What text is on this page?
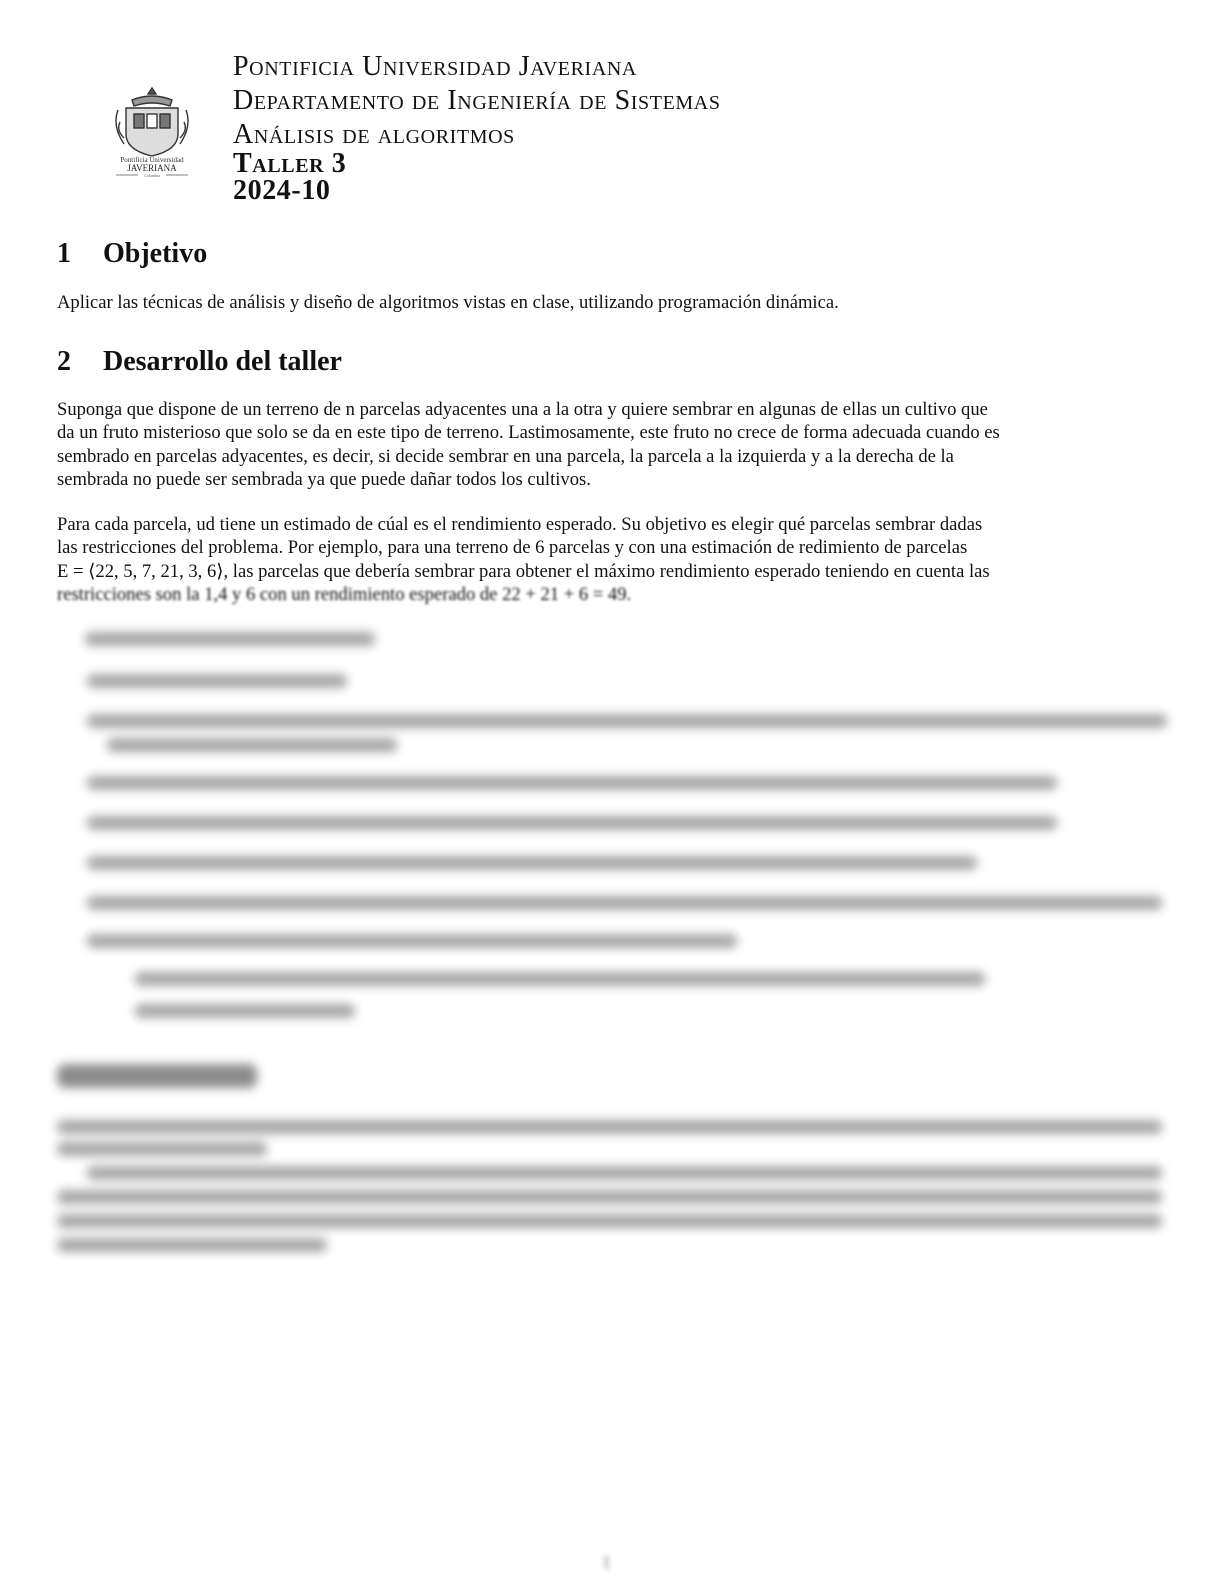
Pontificia Universidad
JAVERIANA
Colombia
Pontificia Universidad Javeriana
Departamento de Ingeniería de Sistemas
Análisis de algoritmos
Taller 3
2024-10
1 Objetivo

Aplicar las técnicas de análisis y diseño de algoritmos vistas en clase, utilizando programación dinámica.

2 Desarrollo del taller

Suponga que dispone de un terreno de n parcelas adyacentes una a la otra y quiere sembrar en algunas de ellas un cultivo que
da un fruto misterioso que solo se da en este tipo de terreno. Lastimosamente, este fruto no crece de forma adecuada cuando es
sembrado en parcelas adyacentes, es decir, si decide sembrar en una parcela, la parcela a la izquierda y a la derecha de la
sembrada no puede ser sembrada ya que puede dañar todos los cultivos.

Para cada parcela, ud tiene un estimado de cúal es el rendimiento esperado. Su objetivo es elegir qué parcelas sembrar dadas
las restricciones del problema. Por ejemplo, para una terreno de 6 parcelas y con una estimación de redimiento de parcelas
E = ⟨22, 5, 7, 21, 3, 6⟩, las parcelas que debería sembrar para obtener el máximo rendimiento esperado teniendo en cuenta las
restricciones son la 1,4 y 6 con un rendimiento esperado de 22 + 21 + 6 = 49.

1
